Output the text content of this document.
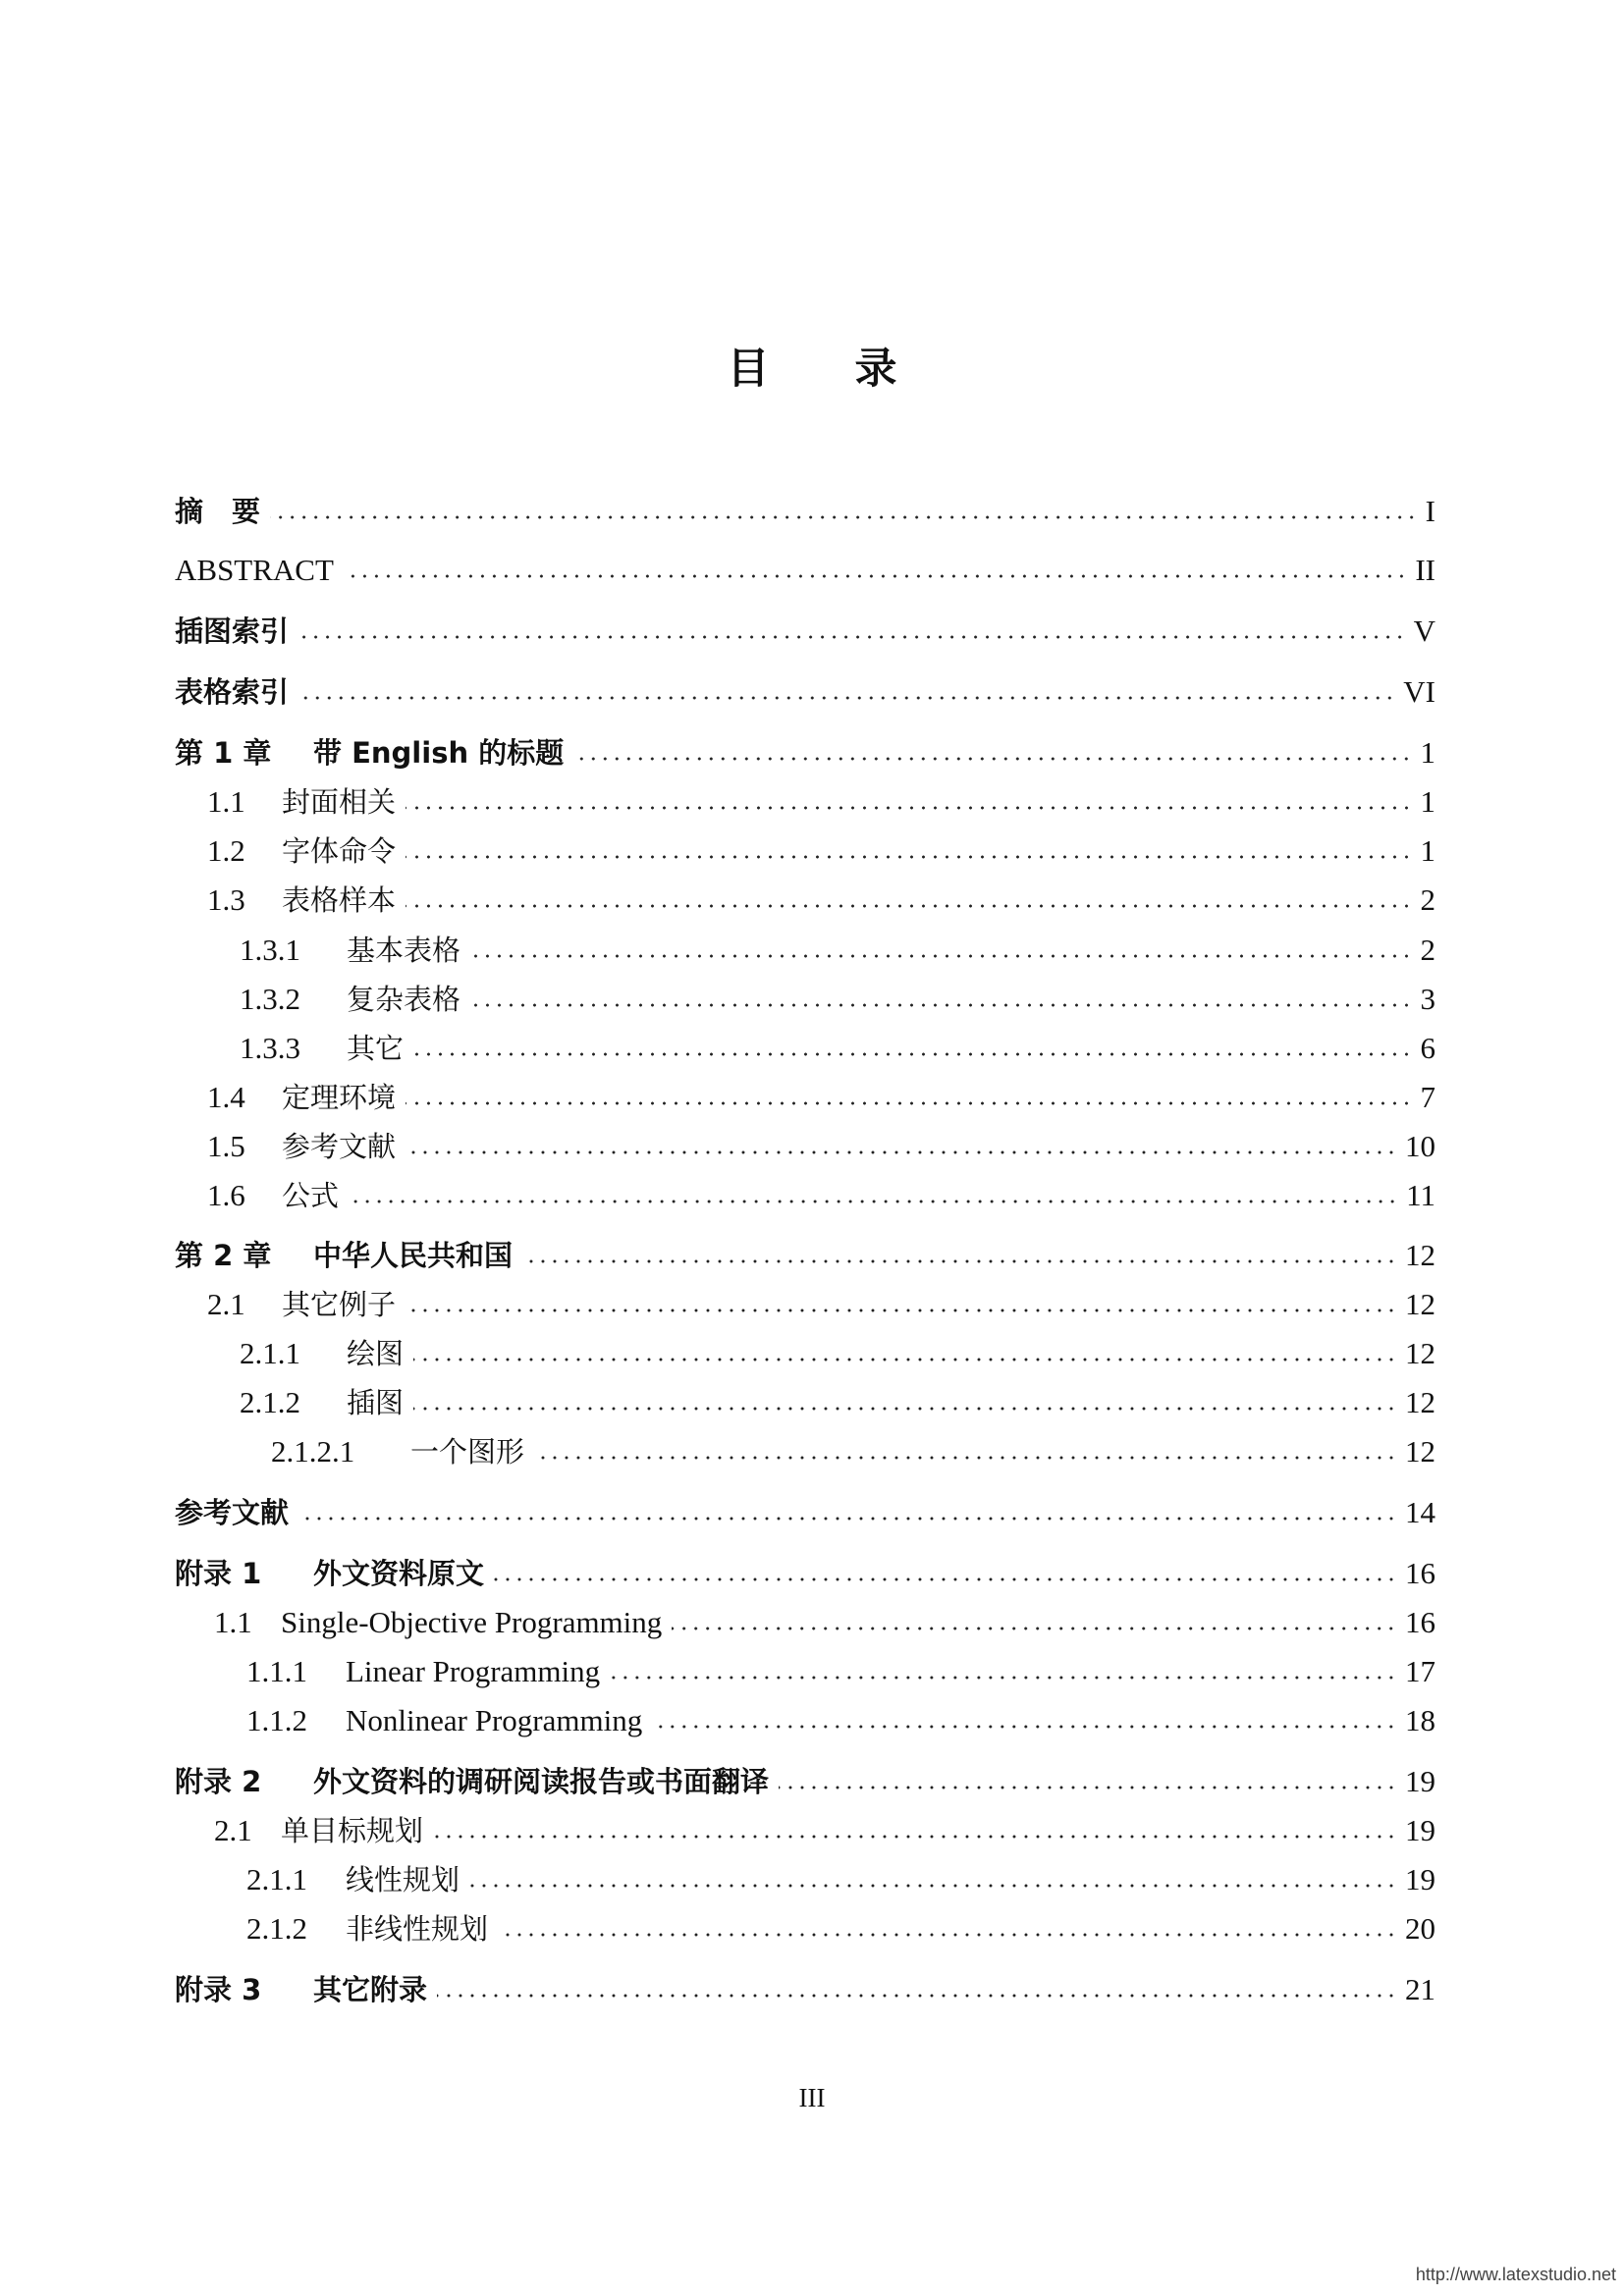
目 录
摘　要	I
ABSTRACT	II
插图索引	V
表格索引	VI
第 1 章	带 English 的标题	1
1.1	封面相关	1
1.2	字体命令	1
1.3	表格样本	2
1.3.1	基本表格	2
1.3.2	复杂表格	3
1.3.3	其它	6
1.4	定理环境	7
1.5	参考文献	10
1.6	公式	11
第 2 章	中华人民共和国	12
2.1	其它例子	12
2.1.1	绘图	12
2.1.2	插图	12
2.1.2.1	一个图形	12
参考文献	14
附录 1	外文资料原文	16
1.1 Single-Objective Programming	16
1.1.1	Linear Programming	17
1.1.2	Nonlinear Programming	18
附录 2	外文资料的调研阅读报告或书面翻译	19
2.1	单目标规划	19
2.1.1	线性规划	19
2.1.2	非线性规划	20
附录 3	其它附录	21
III
http://www.latexstudio.net
